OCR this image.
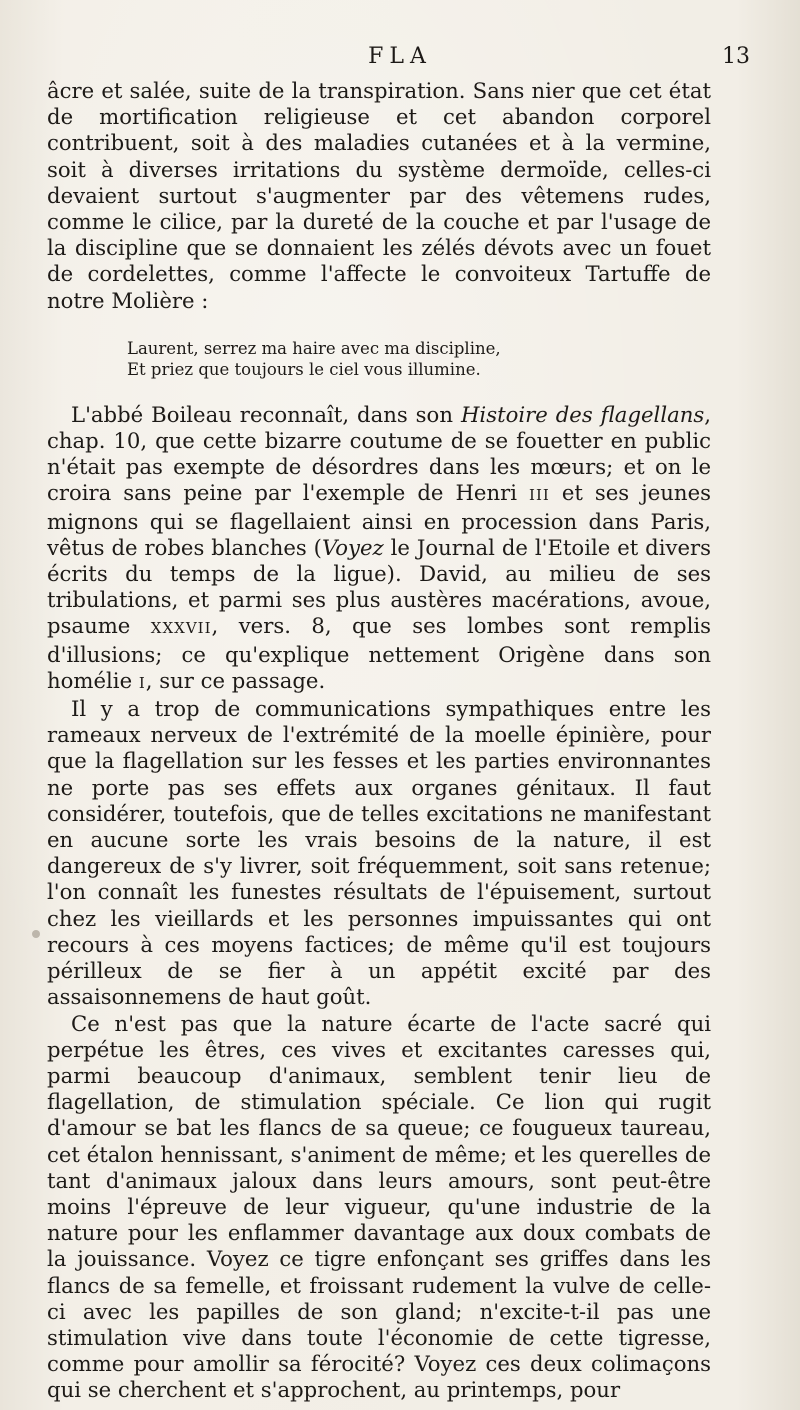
FLA	13

âcre et salée, suite de la transpiration. Sans nier que cet état de mortification religieuse et cet abandon corporel contribuent, soit à des maladies cutanées et à la vermine, soit à diverses irritations du système dermoïde, celles-ci devaient surtout s'augmenter par des vêtemens rudes, comme le cilice, par la dureté de la couche et par l'usage de la discipline que se donnaient les zélés dévots avec un fouet de cordelettes, comme l'affecte le convoiteux Tartuffe de notre Molière :

Laurent, serrez ma haire avec ma discipline,
Et priez que toujours le ciel vous illumine.

L'abbé Boileau reconnaît, dans son Histoire des flagellans, chap. 10, que cette bizarre coutume de se fouetter en public n'était pas exempte de désordres dans les mœurs; et on le croira sans peine par l'exemple de Henri III et ses jeunes mignons qui se flagellaient ainsi en procession dans Paris, vêtus de robes blanches (Voyez le Journal de l'Etoile et divers écrits du temps de la ligue). David, au milieu de ses tribulations, et parmi ses plus austères macérations, avoue, psaume XXXVII, vers. 8, que ses lombes sont remplis d'illusions; ce qu'explique nettement Origène dans son homélie I, sur ce passage.

Il y a trop de communications sympathiques entre les rameaux nerveux de l'extrémité de la moelle épinière, pour que la flagellation sur les fesses et les parties environnantes ne porte pas ses effets aux organes génitaux. Il faut considérer, toutefois, que de telles excitations ne manifestant en aucune sorte les vrais besoins de la nature, il est dangereux de s'y livrer, soit fréquemment, soit sans retenue; l'on connaît les funestes résultats de l'épuisement, surtout chez les vieillards et les personnes impuissantes qui ont recours à ces moyens factices; de même qu'il est toujours périlleux de se fier à un appétit excité par des assaisonnemens de haut goût.

Ce n'est pas que la nature écarte de l'acte sacré qui perpétue les êtres, ces vives et excitantes caresses qui, parmi beaucoup d'animaux, semblent tenir lieu de flagellation, de stimulation spéciale. Ce lion qui rugit d'amour se bat les flancs de sa queue; ce fougueux taureau, cet étalon hennissant, s'animent de même; et les querelles de tant d'animaux jaloux dans leurs amours, sont peut-être moins l'épreuve de leur vigueur, qu'une industrie de la nature pour les enflammer davantage aux doux combats de la jouissance. Voyez ce tigre enfonçant ses griffes dans les flancs de sa femelle, et froissant rudement la vulve de celle-ci avec les papilles de son gland; n'excite-t-il pas une stimulation vive dans toute l'économie de cette tigresse, comme pour amollir sa férocité? Voyez ces deux colimaçons qui se cherchent et s'approchent, au printemps, pour
